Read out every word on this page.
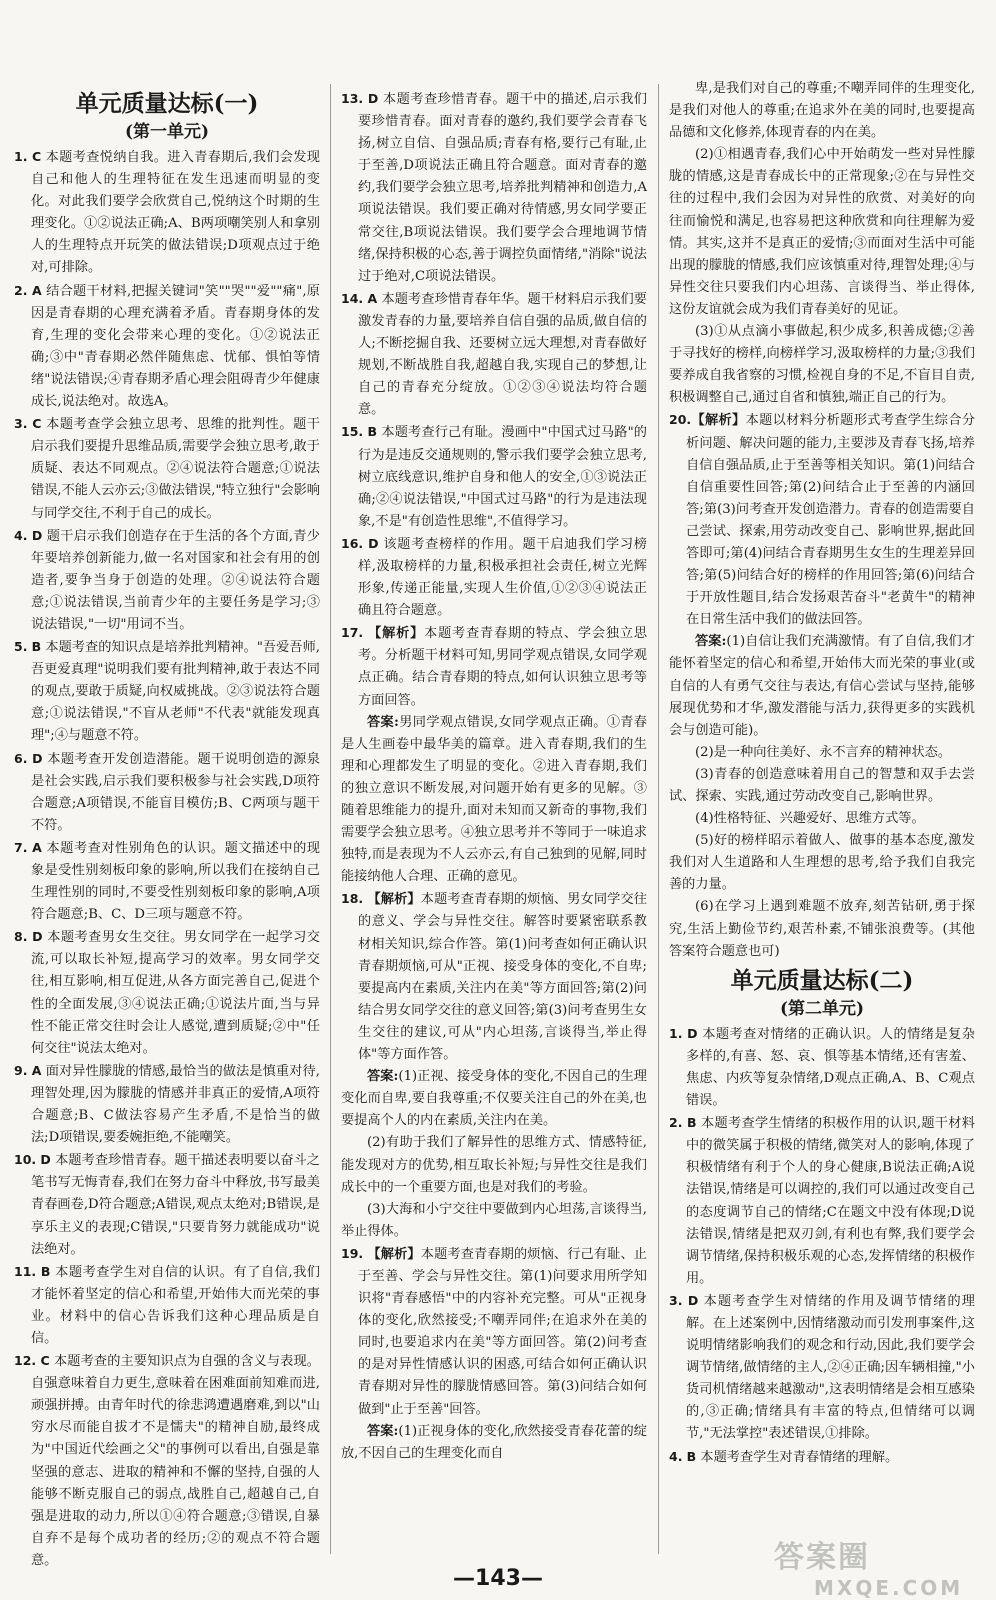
单元质量达标(一)

(第一单元)

1. C 本题考查悦纳自我。进入青春期后,我们会发现自己和他人的生理特征在发生迅速而明显的变化。对此我们要学会欣赏自己,悦纳这个时期的生理变化。①②说法正确;A、B两项嘲笑别人和拿别人的生理特点开玩笑的做法错误;D项观点过于绝对,可排除。

2. A 结合题干材料,把握关键词"笑""哭""爱""痛",原因是青春期的心理充满着矛盾。青春期身体的发育,生理的变化会带来心理的变化。①②说法正确;③中"青春期必然伴随焦虑、忧郁、惧怕等情绪"说法错误;④青春期矛盾心理会阻碍青少年健康成长,说法绝对。故选A。

3. C 本题考查学会独立思考、思维的批判性。题干启示我们要提升思维品质,需要学会独立思考,敢于质疑、表达不同观点。②④说法符合题意;①说法错误,不能人云亦云;③做法错误,"特立独行"会影响与同学交往,不利于自己的成长。

4. D 题干启示我们创造存在于生活的各个方面,青少年要培养创新能力,做一名对国家和社会有用的创造者,要争当身于创造的处理。②④说法符合题意;①说法错误,当前青少年的主要任务是学习;③说法错误,"一切"用词不当。

5. B 本题考查的知识点是培养批判精神。"吾爱吾师,吾更爱真理"说明我们要有批判精神,敢于表达不同的观点,要敢于质疑,向权威挑战。②③说法符合题意;①说法错误,"不盲从老师"不代表"就能发现真理";④与题意不符。

6. D 本题考查开发创造潜能。题干说明创造的源泉是社会实践,启示我们要积极参与社会实践,D项符合题意;A项错误,不能盲目模仿;B、C两项与题干不符。

7. A 本题考查对性别角色的认识。题文描述中的现象是受性别刻板印象的影响,所以我们在接纳自己生理性别的同时,不要受性别刻板印象的影响,A项符合题意;B、C、D三项与题意不符。

8. D 本题考查男女生交往。男女同学在一起学习交流,可以取长补短,提高学习的效率。男女同学交往,相互影响,相互促进,从各方面完善自己,促进个性的全面发展,③④说法正确;①说法片面,当与异性不能正常交往时会让人感觉,遭到质疑;②中"任何交往"说法太绝对。

9. A 面对异性朦胧的情感,最恰当的做法是慎重对待,理智处理,因为朦胧的情感并非真正的爱情,A项符合题意;B、C做法容易产生矛盾,不是恰当的做法;D项错误,要委婉拒绝,不能嘲笑。

10. D 本题考查珍惜青春。题干描述表明要以奋斗之笔书写无悔青春,我们在努力奋斗中释放,书写最美青春画卷,D符合题意;A错误,观点太绝对;B错误,是享乐主义的表现;C错误,"只要肯努力就能成功"说法绝对。

11. B 本题考查学生对自信的认识。有了自信,我们才能怀着坚定的信心和希望,开始伟大而光荣的事业。材料中的信心告诉我们这种心理品质是自信。

12. C 本题考查的主要知识点为自强的含义与表现。自强意味着自力更生,意味着在困难面前知难而进,顽强拼搏。由青年时代的徐悲鸿遭遇磨难,到以"山穷水尽而能自拔才不是懦夫"的精神自励,最终成为"中国近代绘画之父"的事例可以看出,自强是靠坚强的意志、进取的精神和不懈的坚持,自强的人能够不断克服自己的弱点,战胜自己,超越自己,自强是进取的动力,所以①④符合题意;③错误,自暴自弃不是每个成功者的经历;②的观点不符合题意。

13. D 本题考查珍惜青春。题干中的描述,启示我们要珍惜青春。面对青春的邀约,我们要学会青春飞扬,树立自信、自强品质;青春有格,要行己有耻,止于至善,D项说法正确且符合题意。面对青春的邀约,我们要学会独立思考,培养批判精神和创造力,A项说法错误。我们要正确对待情感,男女同学要正常交往,B项说法错误。我们要学会合理地调节情绪,保持积极的心态,善于调控负面情绪,"消除"说法过于绝对,C项说法错误。

14. A 本题考查珍惜青春年华。题干材料启示我们要激发青春的力量,要培养自信自强的品质,做自信的人;不断挖掘自我、还要树立远大理想,对青春做好规划,不断战胜自我,超越自我,实现自己的梦想,让自己的青春充分绽放。①②③④说法均符合题意。

15. B 本题考查行己有耻。漫画中"中国式过马路"的行为是违反交通规则的,警示我们要学会独立思考,树立底线意识,维护自身和他人的安全,①③说法正确;②④说法错误,"中国式过马路"的行为是违法现象,不是"有创造性思维",不值得学习。

16. D 该题考查榜样的作用。题干启迪我们学习榜样,汲取榜样的力量,积极承担社会责任,树立光辉形象,传递正能量,实现人生价值,①②③④说法正确且符合题意。

17. 【解析】本题考查青春期的特点、学会独立思考。分析题干材料可知,男同学观点错误,女同学观点正确。结合青春期的特点,如何认识独立思考等方面回答。

答案:男同学观点错误,女同学观点正确。①青春是人生画卷中最华美的篇章。进入青春期,我们的生理和心理都发生了明显的变化。②进入青春期,我们的独立意识不断发展,对问题开始有更多的见解。③随着思维能力的提升,面对未知而又新奇的事物,我们需要学会独立思考。④独立思考并不等同于一味追求独特,而是表现为不人云亦云,有自己独到的见解,同时能接纳他人合理、正确的意见。

18. 【解析】本题考查青春期的烦恼、男女同学交往的意义、学会与异性交往。解答时要紧密联系教材相关知识,综合作答。第(1)问考查如何正确认识青春期烦恼,可从"正视、接受身体的变化,不自卑;要提高内在素质,关注内在美"等方面回答;第(2)问结合男女同学交往的意义回答;第(3)问考查男生女生交往的建议,可从"内心坦荡,言谈得当,举止得体"等方面作答。

答案:(1)正视、接受身体的变化,不因自己的生理变化而自卑,要自我尊重;不仅要关注自己的外在美,也要提高个人的内在素质,关注内在美。

(2)有助于我们了解异性的思维方式、情感特征,能发现对方的优势,相互取长补短;与异性交往是我们成长中的一个重要方面,也是对我们的考验。

(3)大海和小宁交往中要做到内心坦荡,言谈得当,举止得体。

19. 【解析】本题考查青春期的烦恼、行己有耻、止于至善、学会与异性交往。第(1)问要求用所学知识将"青春感悟"中的内容补充完整。可从"正视身体的变化,欣然接受;不嘲弄同伴;在追求外在美的同时,也要追求内在美"等方面回答。第(2)问考查的是对异性情感认识的困惑,可结合如何正确认识青春期对异性的朦胧情感回答。第(3)问结合如何做到"止于至善"回答。

答案:(1)正视身体的变化,欣然接受青春花蕾的绽放,不因自己的生理变化而自

卑,是我们对自己的尊重;不嘲弄同伴的生理变化,是我们对他人的尊重;在追求外在美的同时,也要提高品德和文化修养,体现青春的内在美。

(2)①相遇青春,我们心中开始萌发一些对异性朦胧的情感,这是青春成长中的正常现象;②在与异性交往的过程中,我们会因为对异性的欣赏、对美好的向往而愉悦和满足,也容易把这种欣赏和向往理解为爱情。其实,这并不是真正的爱情;③而面对生活中可能出现的朦胧的情感,我们应该慎重对待,理智处理;④与异性交往只要我们内心坦荡、言谈得当、举止得体,这份友谊就会成为我们青春美好的见证。

(3)①从点滴小事做起,积少成多,积善成德;②善于寻找好的榜样,向榜样学习,汲取榜样的力量;③我们要养成自我省察的习惯,检视自身的不足,不盲目自责,积极调整自己,通过自省和慎独,端正自己的行为。

20.【解析】本题以材料分析题形式考查学生综合分析问题、解决问题的能力,主要涉及青春飞扬,培养自信自强品质,止于至善等相关知识。第(1)问结合自信重要性回答;第(2)问结合止于至善的内涵回答;第(3)问考查开发创造潜力。青春的创造需要自己尝试、探索,用劳动改变自己、影响世界,据此回答即可;第(4)问结合青春期男生女生的生理差异回答;第(5)问结合好的榜样的作用回答;第(6)问结合于开放性题目,结合发扬艰苦奋斗"老黄牛"的精神在日常生活中我们的做法回答。

答案:(1)自信让我们充满激情。有了自信,我们才能怀着坚定的信心和希望,开始伟大而光荣的事业(或自信的人有勇气交往与表达,有信心尝试与坚持,能够展现优势和才华,激发潜能与活力,获得更多的实践机会与创造可能)。

(2)是一种向往美好、永不言弃的精神状态。

(3)青春的创造意味着用自己的智慧和双手去尝试、探索、实践,通过劳动改变自己,影响世界。

(4)性格特征、兴趣爱好、思维方式等。

(5)好的榜样昭示着做人、做事的基本态度,激发我们对人生道路和人生理想的思考,给予我们自我完善的力量。

(6)在学习上遇到难题不放弃,刻苦钻研,勇于探究,生活上勤俭节约,艰苦朴素,不铺张浪费等。(其他答案符合题意也可)

单元质量达标(二)

(第二单元)

1. D 本题考查对情绪的正确认识。人的情绪是复杂多样的,有喜、怒、哀、惧等基本情绪,还有害羞、焦虑、内疚等复杂情绪,D观点正确,A、B、C观点错误。

2. B 本题考查学生情绪的积极作用的认识,题干材料中的微笑属于积极的情绪,微笑对人的影响,体现了积极情绪有利于个人的身心健康,B说法正确;A说法错误,情绪是可以调控的,我们可以通过改变自己的态度调节自己的情绪;C在题文中没有体现;D说法错误,情绪是把双刃剑,有利也有弊,我们要学会调节情绪,保持积极乐观的心态,发挥情绪的积极作用。

3. D 本题考查学生对情绪的作用及调节情绪的理解。在上述案例中,因情绪激动而引发刑事案件,这说明情绪影响我们的观念和行动,因此,我们要学会调节情绪,做情绪的主人,②④正确;因车辆相撞,"小货司机情绪越来越激动",这表明情绪是会相互感染的,③正确;情绪具有丰富的特点,但情绪可以调节,"无法掌控"表述错误,①排除。

4. B 本题考查学生对青春情绪的理解。

—143—
答案圈
MXQE.COM
